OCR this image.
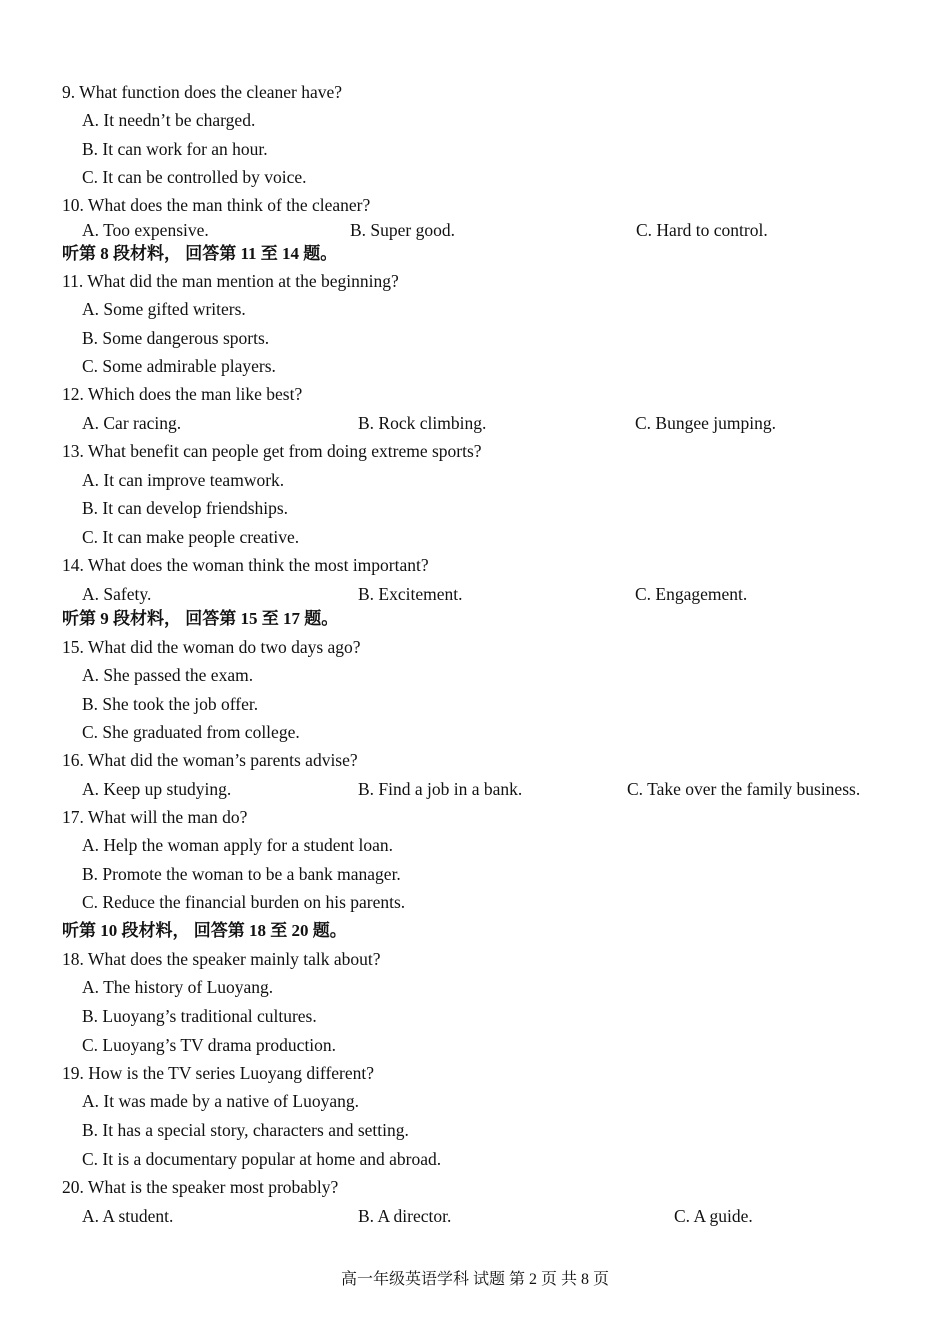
9. What function does the cleaner have?
A. It needn’t be charged.
B. It can work for an hour.
C. It can be controlled by voice.
10. What does the man think of the cleaner?
A. Too expensive.	B. Super good.	C. Hard to control.
听第 8 段材料， 回答第 11 至 14 题。
11. What did the man mention at the beginning?
A. Some gifted writers.
B. Some dangerous sports.
C. Some admirable players.
12. Which does the man like best?
A. Car racing.	B. Rock climbing.	C. Bungee jumping.
13. What benefit can people get from doing extreme sports?
A. It can improve teamwork.
B. It can develop friendships.
C. It can make people creative.
14. What does the woman think the most important?
A. Safety.	B. Excitement.	C. Engagement.
听第 9 段材料， 回答第 15 至 17 题。
15. What did the woman do two days ago?
A. She passed the exam.
B. She took the job offer.
C. She graduated from college.
16. What did the woman’s parents advise?
A. Keep up studying.	B. Find a job in a bank.	C. Take over the family business.
17. What will the man do?
A. Help the woman apply for a student loan.
B. Promote the woman to be a bank manager.
C. Reduce the financial burden on his parents.
听第 10 段材料， 回答第 18 至 20 题。
18. What does the speaker mainly talk about?
A. The history of Luoyang.
B. Luoyang’s traditional cultures.
C. Luoyang’s TV drama production.
19. How is the TV series Luoyang different?
A. It was made by a native of Luoyang.
B. It has a special story, characters and setting.
C. It is a documentary popular at home and abroad.
20. What is the speaker most probably?
A. A student.	B. A director.	C. A guide.
高一年级英语学科 试题 第 2 页 共 8 页
